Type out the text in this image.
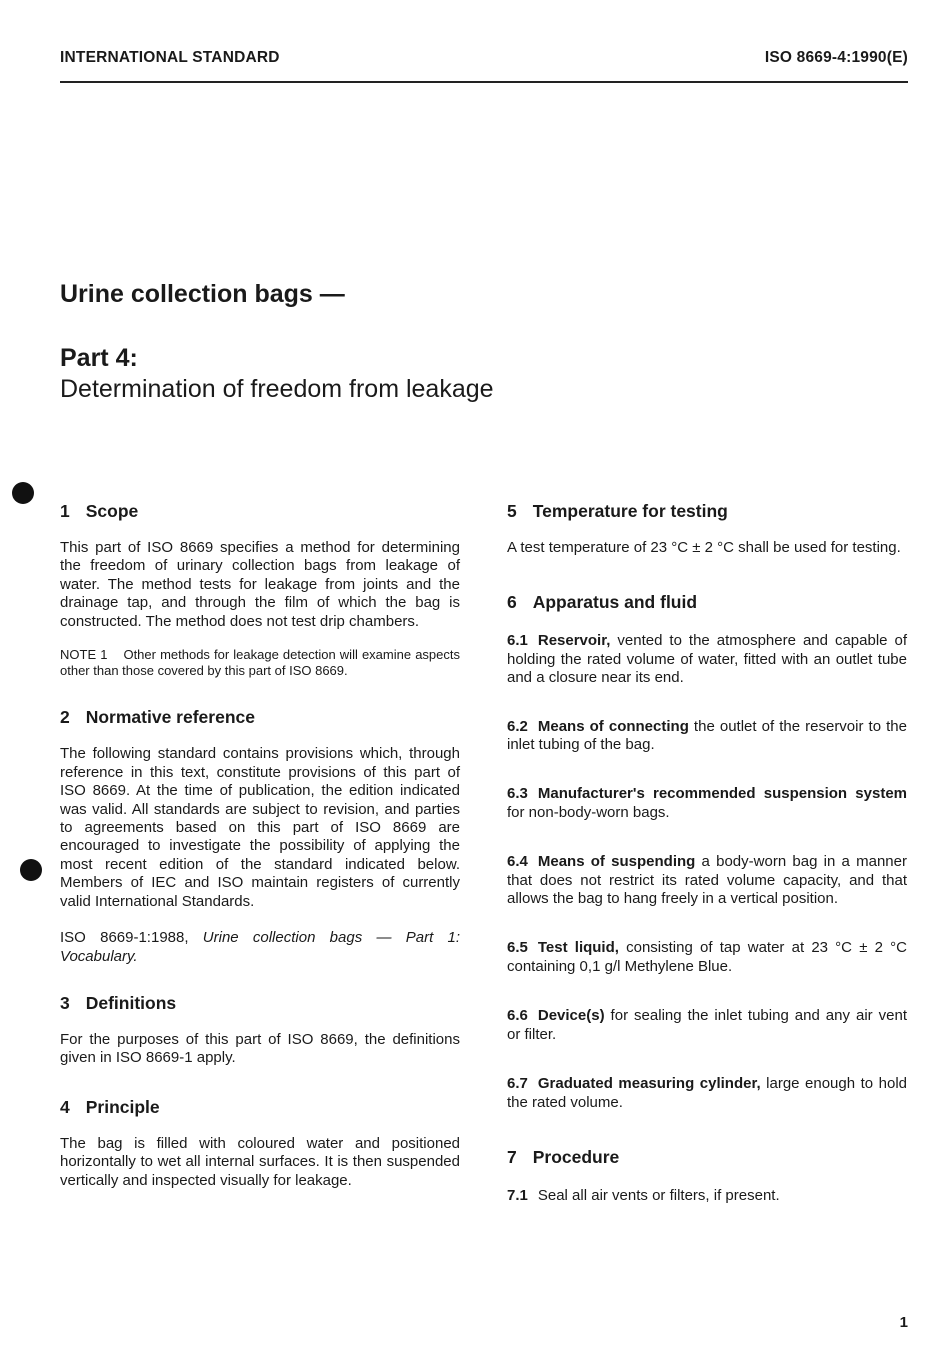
INTERNATIONAL STANDARD	ISO 8669-4:1990(E)
Urine collection bags —
Part 4:
Determination of freedom from leakage
1 Scope

This part of ISO 8669 specifies a method for determining the freedom of urinary collection bags from leakage of water. The method tests for leakage from joints and the drainage tap, and through the film of which the bag is constructed. The method does not test drip chambers.

NOTE 1 Other methods for leakage detection will examine aspects other than those covered by this part of ISO 8669.

2 Normative reference

The following standard contains provisions which, through reference in this text, constitute provisions of this part of ISO 8669. At the time of publication, the edition indicated was valid. All standards are subject to revision, and parties to agreements based on this part of ISO 8669 are encouraged to investigate the possibility of applying the most recent edition of the standard indicated below. Members of IEC and ISO maintain registers of currently valid International Standards.

ISO 8669-1:1988, Urine collection bags — Part 1: Vocabulary.

3 Definitions

For the purposes of this part of ISO 8669, the definitions given in ISO 8669-1 apply.

4 Principle

The bag is filled with coloured water and positioned horizontally to wet all internal surfaces. It is then suspended vertically and inspected visually for leakage.

5 Temperature for testing

A test temperature of 23 °C ± 2 °C shall be used for testing.

6 Apparatus and fluid

6.1 Reservoir, vented to the atmosphere and capable of holding the rated volume of water, fitted with an outlet tube and a closure near its end.

6.2 Means of connecting the outlet of the reservoir to the inlet tubing of the bag.

6.3 Manufacturer's recommended suspension system for non-body-worn bags.

6.4 Means of suspending a body-worn bag in a manner that does not restrict its rated volume capacity, and that allows the bag to hang freely in a vertical position.

6.5 Test liquid, consisting of tap water at 23 °C ± 2 °C containing 0,1 g/l Methylene Blue.

6.6 Device(s) for sealing the inlet tubing and any air vent or filter.

6.7 Graduated measuring cylinder, large enough to hold the rated volume.

7 Procedure

7.1 Seal all air vents or filters, if present.

1
